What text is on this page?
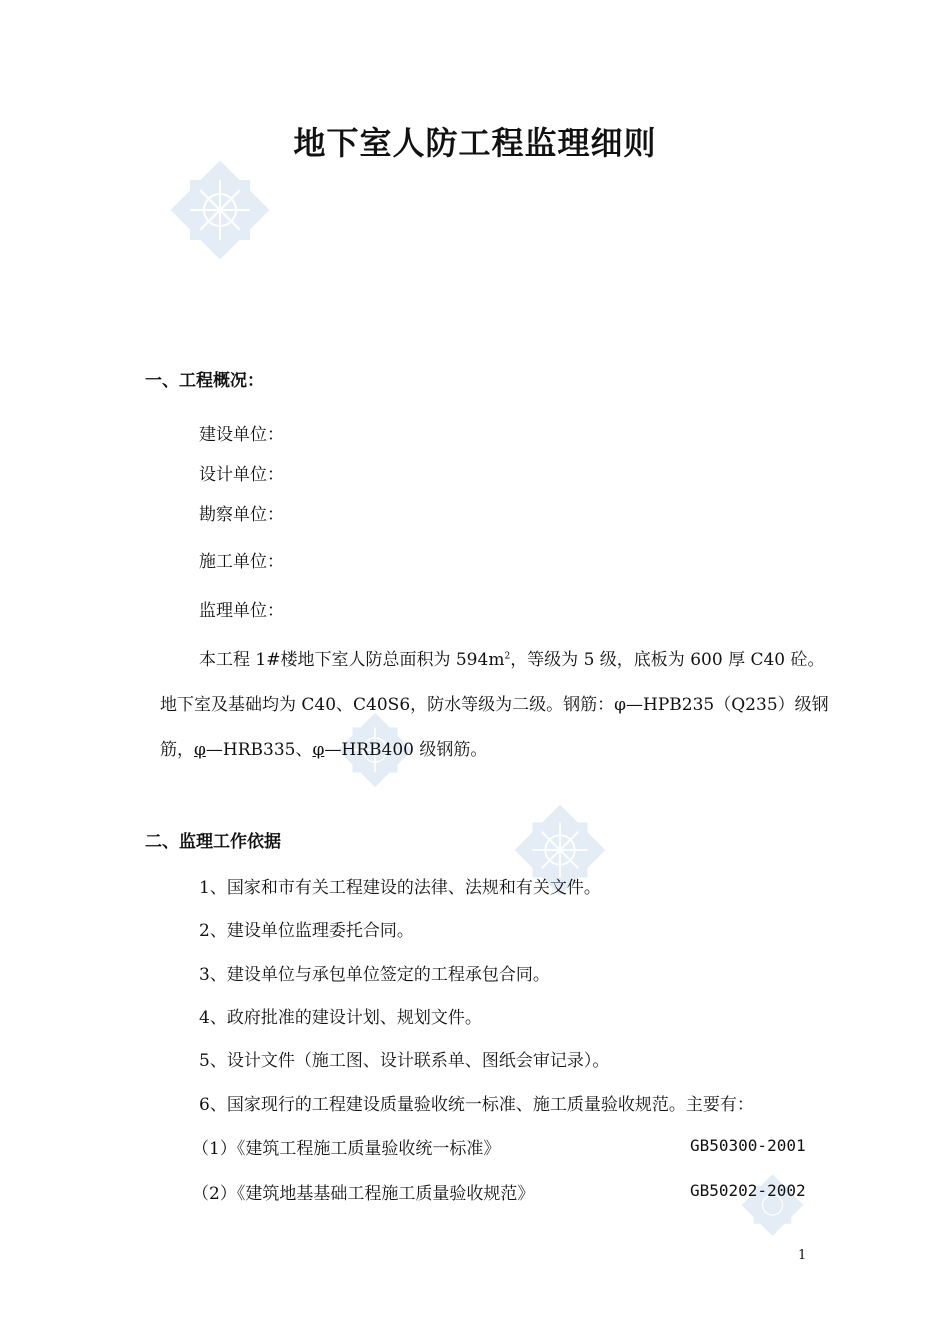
地下室人防工程监理细则
一、工程概况：

建设单位：

设计单位：

勘察单位：

施工单位：

监理单位：

本工程 1#楼地下室人防总面积为 $594m^2$，等级为 5 级，底板为 600 厚 C40 砼。

地下室及基础均为 C40、C40S6，防水等级为二级。钢筋：φ—HPB235（Q235）级钢

筋，φ—HRB335、φ—HRB400 级钢筋。

二、监理工作依据

1、国家和市有关工程建设的法律、法规和有关文件。

2、建设单位监理委托合同。

3、建设单位与承包单位签定的工程承包合同。

4、政府批准的建设计划、规划文件。

5、设计文件（施工图、设计联系单、图纸会审记录）。

6、国家现行的工程建设质量验收统一标准、施工质量验收规范。主要有：

（1）《建筑工程施工质量验收统一标准》	GB50300-2001

（2）《建筑地基基础工程施工质量验收规范》	GB50202-2002
1
